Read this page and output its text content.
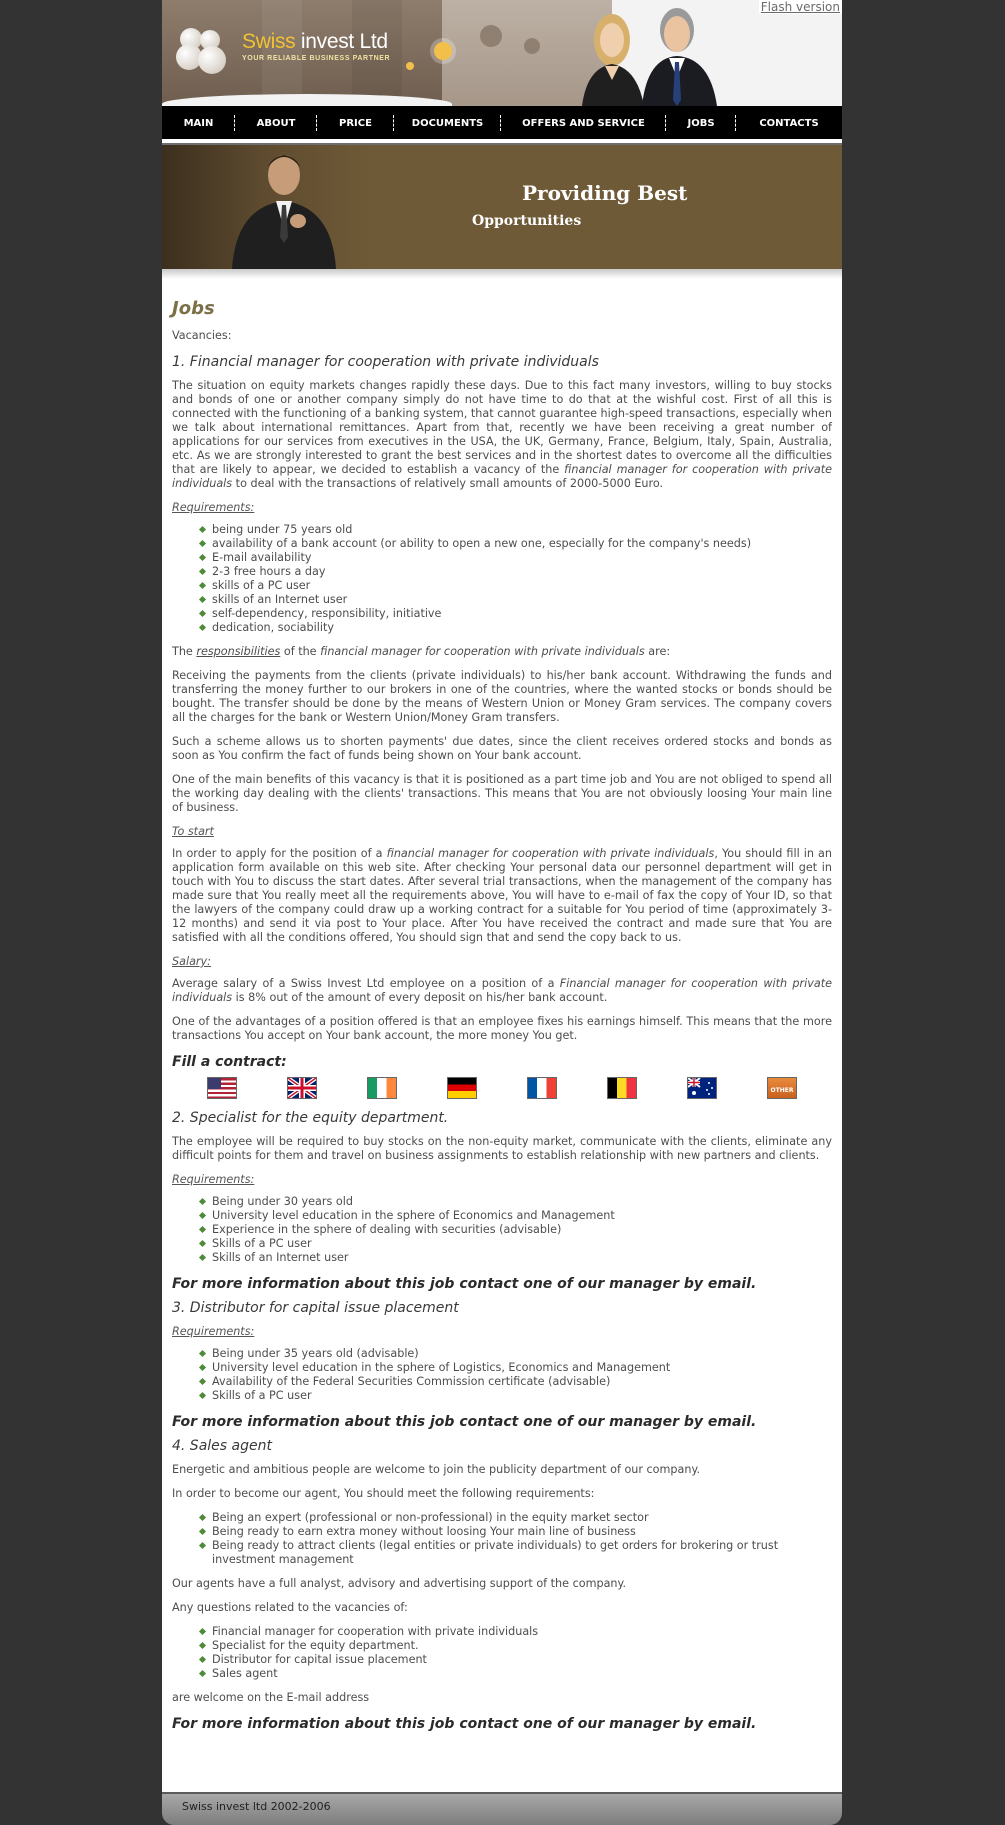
Swiss invest Ltd
YOUR RELIABLE BUSINESS PARTNER
Flash version
MAIN	ABOUT	PRICE	DOCUMENTS	OFFERS AND SERVICE	JOBS	CONTACTS
Providing Best
Opportunities
Jobs

Vacancies:

1. Financial manager for cooperation with private individuals

The situation on equity markets changes rapidly these days. Due to this fact many investors, willing to buy stocks and bonds of one or another company simply do not have time to do that at the wishful cost. First of all this is connected with the functioning of a banking system, that cannot guarantee high-speed transactions, especially when we talk about international remittances. Apart from that, recently we have been receiving a great number of applications for our services from executives in the USA, the UK, Germany, France, Belgium, Italy, Spain, Australia, etc. As we are strongly interested to grant the best services and in the shortest dates to overcome all the difficulties that are likely to appear, we decided to establish a vacancy of the financial manager for cooperation with private individuals to deal with the transactions of relatively small amounts of 2000-5000 Euro.

Requirements:
being under 75 years old
availability of a bank account (or ability to open a new one, especially for the company's needs)
E-mail availability
2-3 free hours a day
skills of a PC user
skills of an Internet user
self-dependency, responsibility, initiative
dedication, sociability

The responsibilities of the financial manager for cooperation with private individuals are:

Receiving the payments from the clients (private individuals) to his/her bank account. Withdrawing the funds and transferring the money further to our brokers in one of the countries, where the wanted stocks or bonds should be bought. The transfer should be done by the means of Western Union or Money Gram services. The company covers all the charges for the bank or Western Union/Money Gram transfers.

Such a scheme allows us to shorten payments' due dates, since the client receives ordered stocks and bonds as soon as You confirm the fact of funds being shown on Your bank account.

One of the main benefits of this vacancy is that it is positioned as a part time job and You are not obliged to spend all the working day dealing with the clients' transactions. This means that You are not obviously loosing Your main line of business.

To start

In order to apply for the position of a financial manager for cooperation with private individuals, You should fill in an application form available on this web site. After checking Your personal data our personnel department will get in touch with You to discuss the start dates. After several trial transactions, when the management of the company has made sure that You really meet all the requirements above, You will have to e-mail of fax the copy of Your ID, so that the lawyers of the company could draw up a working contract for a suitable for You period of time (approximately 3-12 months) and send it via post to Your place. After You have received the contract and made sure that You are satisfied with all the conditions offered, You should sign that and send the copy back to us.

Salary:

Average salary of a Swiss Invest Ltd employee on a position of a Financial manager for cooperation with private individuals is 8% out of the amount of every deposit on his/her bank account.

One of the advantages of a position offered is that an employee fixes his earnings himself. This means that the more transactions You accept on Your bank account, the more money You get.

Fill a contract:
OTHER
2. Specialist for the equity department.

The employee will be required to buy stocks on the non-equity market, communicate with the clients, eliminate any difficult points for them and travel on business assignments to establish relationship with new partners and clients.

Requirements:
Being under 30 years old
University level education in the sphere of Economics and Management
Experience in the sphere of dealing with securities (advisable)
Skills of a PC user
Skills of an Internet user
For more information about this job contact one of our manager by email.
3. Distributor for capital issue placement
Requirements:
Being under 35 years old (advisable)
University level education in the sphere of Logistics, Economics and Management
Availability of the Federal Securities Commission certificate (advisable)
Skills of a PC user
For more information about this job contact one of our manager by email.
4. Sales agent

Energetic and ambitious people are welcome to join the publicity department of our company.

In order to become our agent, You should meet the following requirements:

Being an expert (professional or non-professional) in the equity market sector
Being ready to earn extra money without loosing Your main line of business
Being ready to attract clients (legal entities or private individuals) to get orders for brokering or trust investment management

Our agents have a full analyst, advisory and advertising support of the company.

Any questions related to the vacancies of:

Financial manager for cooperation with private individuals
Specialist for the equity department.
Distributor for capital issue placement
Sales agent

are welcome on the E-mail address

For more information about this job contact one of our manager by email.
Swiss invest ltd 2002-2006
